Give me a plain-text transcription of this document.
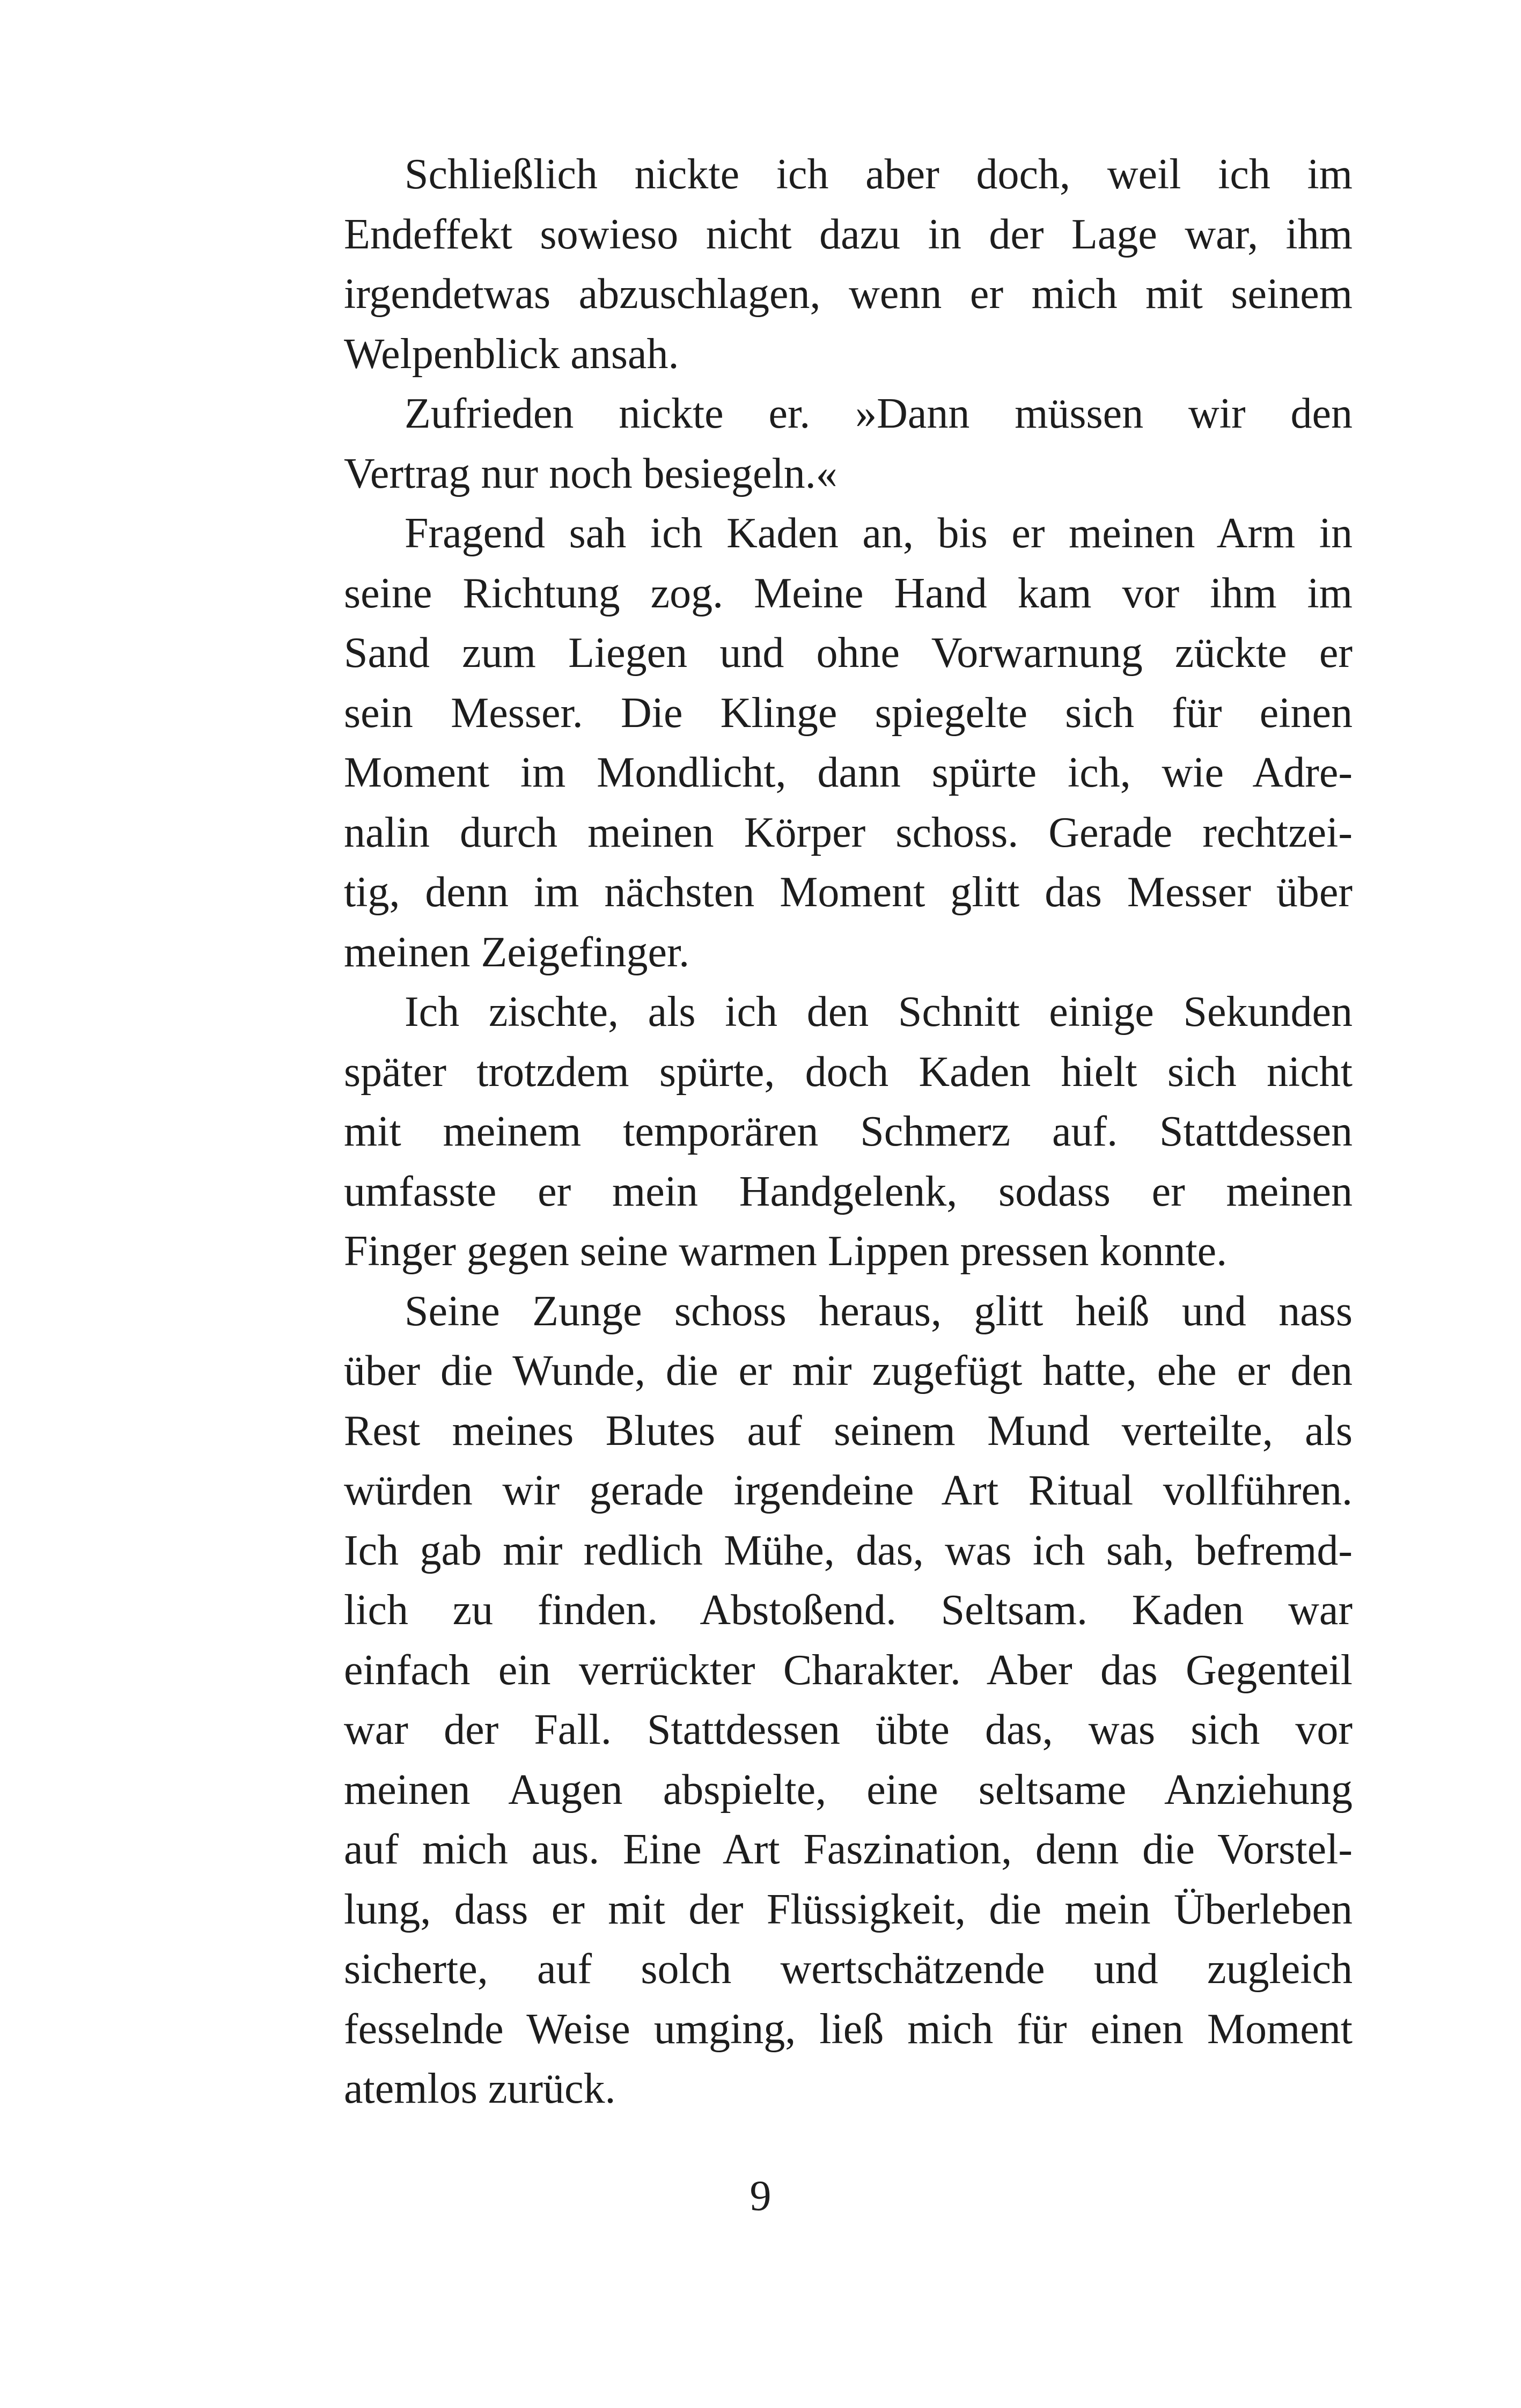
Schließlich nickte ich aber doch, weil ich im
Endeffekt sowieso nicht dazu in der Lage war, ihm
irgendetwas abzuschlagen, wenn er mich mit seinem
Welpenblick ansah.
Zufrieden nickte er. »Dann müssen wir den
Vertrag nur noch besiegeln.«
Fragend sah ich Kaden an, bis er meinen Arm in
seine Richtung zog. Meine Hand kam vor ihm im
Sand zum Liegen und ohne Vorwarnung zückte er
sein Messer. Die Klinge spiegelte sich für einen
Moment im Mondlicht, dann spürte ich, wie Adre-
nalin durch meinen Körper schoss. Gerade rechtzei-
tig, denn im nächsten Moment glitt das Messer über
meinen Zeigefinger.
Ich zischte, als ich den Schnitt einige Sekunden
später trotzdem spürte, doch Kaden hielt sich nicht
mit meinem temporären Schmerz auf. Stattdessen
umfasste er mein Handgelenk, sodass er meinen
Finger gegen seine warmen Lippen pressen konnte.
Seine Zunge schoss heraus, glitt heiß und nass
über die Wunde, die er mir zugefügt hatte, ehe er den
Rest meines Blutes auf seinem Mund verteilte, als
würden wir gerade irgendeine Art Ritual vollführen.
Ich gab mir redlich Mühe, das, was ich sah, befremd-
lich zu finden. Abstoßend. Seltsam. Kaden war
einfach ein verrückter Charakter. Aber das Gegenteil
war der Fall. Stattdessen übte das, was sich vor
meinen Augen abspielte, eine seltsame Anziehung
auf mich aus. Eine Art Faszination, denn die Vorstel-
lung, dass er mit der Flüssigkeit, die mein Überleben
sicherte, auf solch wertschätzende und zugleich
fesselnde Weise umging, ließ mich für einen Moment
atemlos zurück.
9
